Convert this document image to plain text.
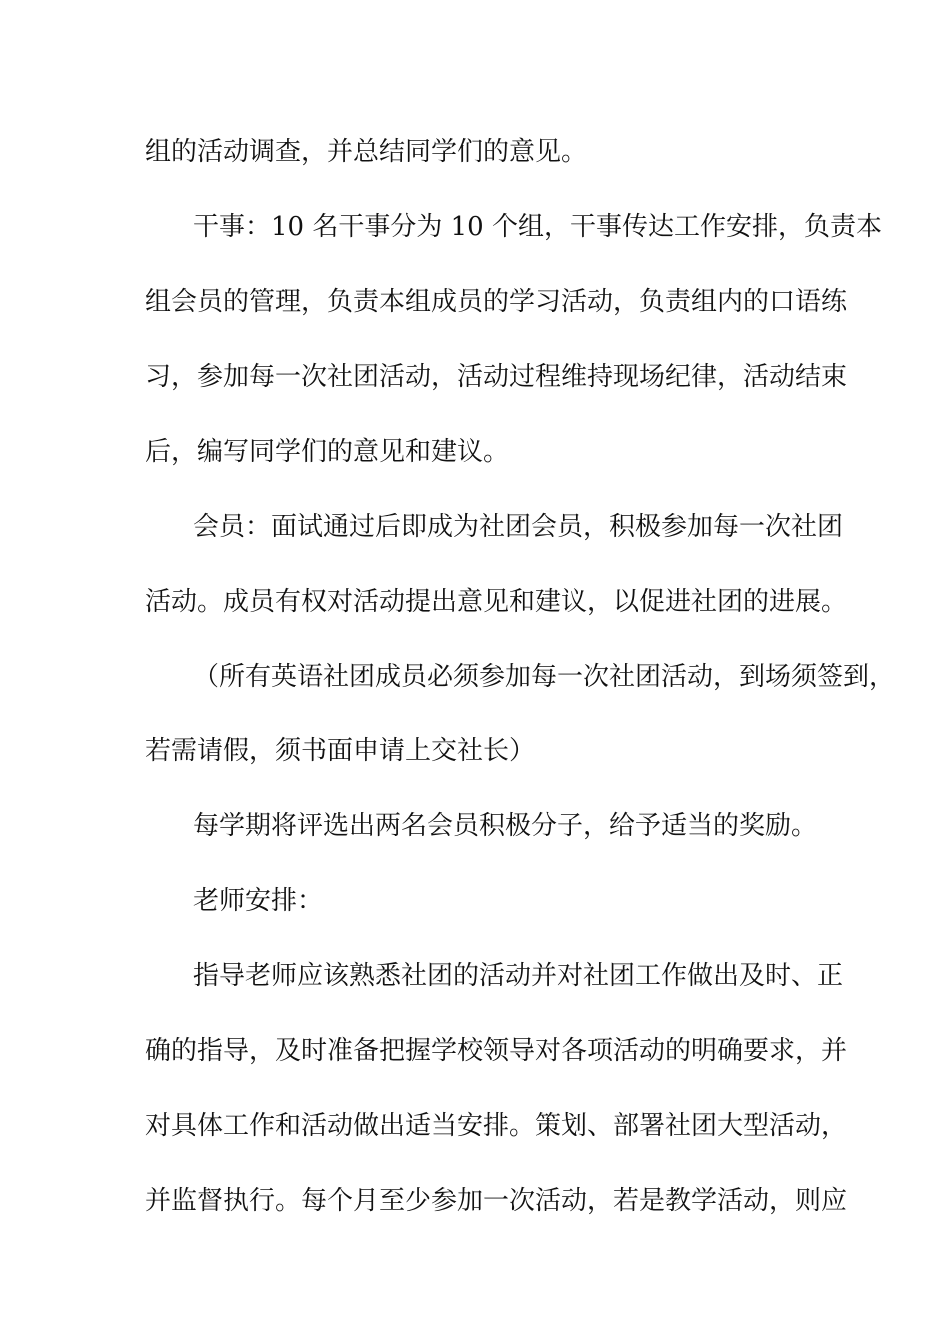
组的活动调查，并总结同学们的意见。
干事：10 名干事分为 10 个组，干事传达工作安排，负责本
组会员的管理，负责本组成员的学习活动，负责组内的口语练
习，参加每一次社团活动，活动过程维持现场纪律，活动结束
后，编写同学们的意见和建议。
会员：面试通过后即成为社团会员，积极参加每一次社团
活动。成员有权对活动提出意见和建议，以促进社团的进展。
（所有英语社团成员必须参加每一次社团活动，到场须签到，
若需请假，须书面申请上交社长）
每学期将评选出两名会员积极分子，给予适当的奖励。
老师安排：
指导老师应该熟悉社团的活动并对社团工作做出及时、正
确的指导，及时准备把握学校领导对各项活动的明确要求，并
对具体工作和活动做出适当安排。策划、部署社团大型活动，
并监督执行。每个月至少参加一次活动，若是教学活动，则应
